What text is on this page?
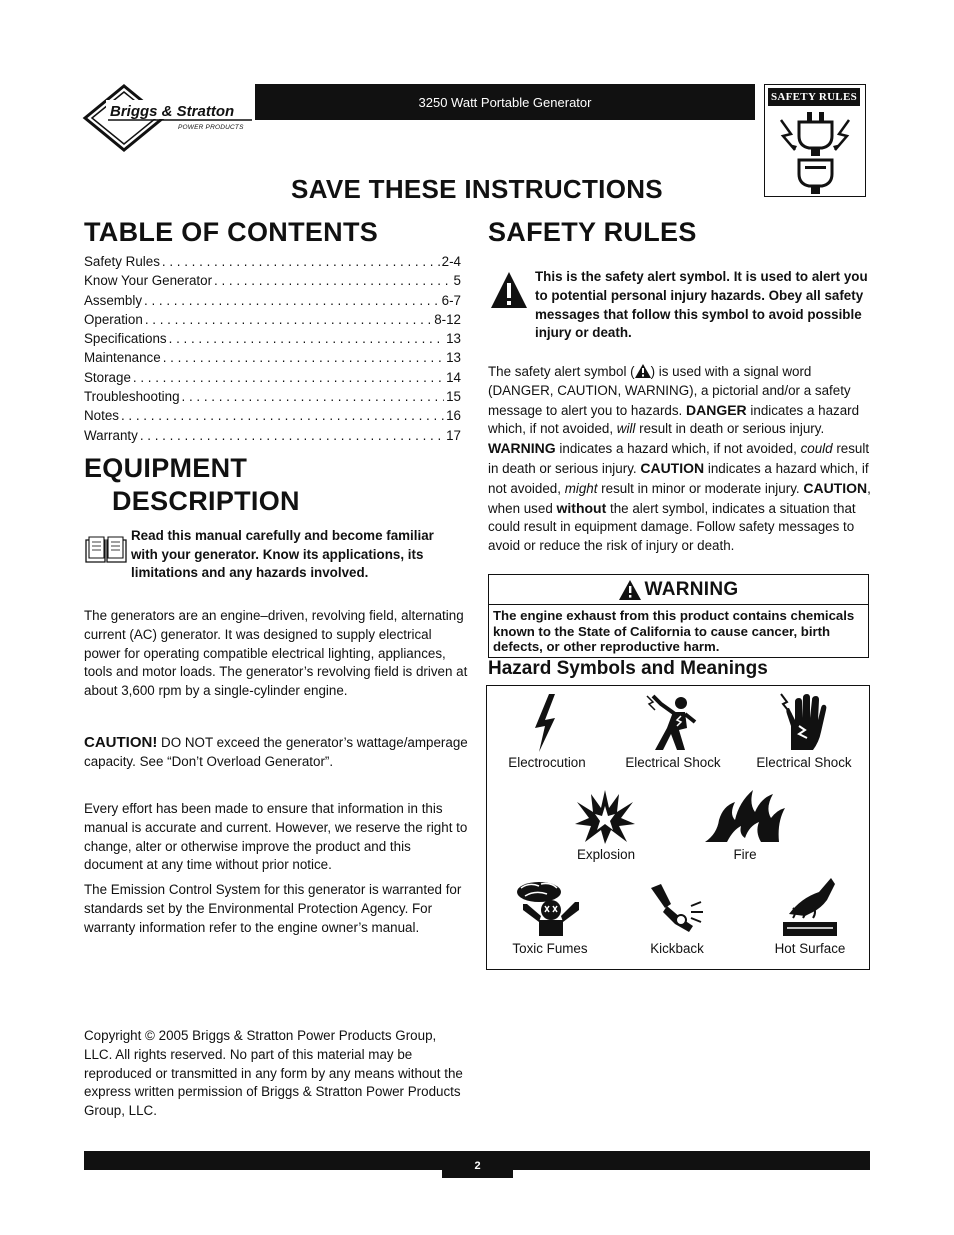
Briggs & Stratton
POWER PRODUCTS
3250 Watt Portable Generator	SAFETY RULES
SAVE THESE INSTRUCTIONS
TABLE OF CONTENTS
Safety Rules . . .	2-4
Know Your Generator . . .	5
Assembly . . .	6-7
Operation . . .	8-12
Specifications . . .	13
Maintenance . . .	13
Storage . . .	14
Troubleshooting . . .	15
Notes . . .	16
Warranty . . .	17
EQUIPMENT
DESCRIPTION
Read this manual carefully and become familiar with your generator. Know its applications, its limitations and any hazards involved.
The generators are an engine–driven, revolving field, alternating current (AC) generator. It was designed to supply electrical power for operating compatible electrical lighting, appliances, tools and motor loads. The generator’s revolving field is driven at about 3,600 rpm by a single-cylinder engine.
CAUTION! DO NOT exceed the generator’s wattage/amperage capacity. See “Don’t Overload Generator”.
Every effort has been made to ensure that information in this manual is accurate and current. However, we reserve the right to change, alter or otherwise improve the product and this document at any time without prior notice.
The Emission Control System for this generator is warranted for standards set by the Environmental Protection Agency. For warranty information refer to the engine owner’s manual.
Copyright © 2005 Briggs & Stratton Power Products Group, LLC. All rights reserved. No part of this material may be reproduced or transmitted in any form by any means without the express written permission of Briggs & Stratton Power Products Group, LLC.
SAFETY RULES
This is the safety alert symbol. It is used to alert you to potential personal injury hazards. Obey all safety messages that follow this symbol to avoid possible injury or death.
The safety alert symbol ( ) is used with a signal word (DANGER, CAUTION, WARNING), a pictorial and/or a safety message to alert you to hazards. DANGER indicates a hazard which, if not avoided, will result in death or serious injury. WARNING indicates a hazard which, if not avoided, could result in death or serious injury. CAUTION indicates a hazard which, if not avoided, might result in minor or moderate injury. CAUTION, when used without the alert symbol, indicates a situation that could result in equipment damage. Follow safety messages to avoid or reduce the risk of injury or death.
WARNING
The engine exhaust from this product contains chemicals known to the State of California to cause cancer, birth defects, or other reproductive harm.
Hazard Symbols and Meanings
Electrocution	Electrical Shock	Electrical Shock
Explosion	Fire
Toxic Fumes	Kickback	Hot Surface
2
